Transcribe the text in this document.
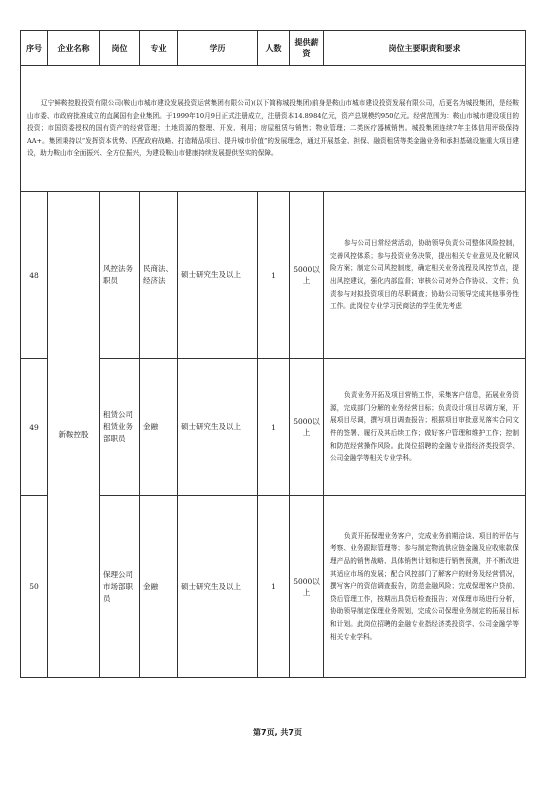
序号	企业名称	岗位	专业	学历	人数	提供薪资	岗位主要职责和要求

辽宁鲜鞍控股投资有限公司(鞍山市城市建设发展投资运营集团有限公司)(以下简称城投集团)前身是鞍山市城市建设投资发展有限公司，后更名为城投集团，是经鞍山市委、市政府批准成立的直属国有企业集团。于1999年10月9日正式注册成立，注册资本14.8984亿元，资产总规模约950亿元。经营范围为：鞍山市城市建设项目的投资；市国资委授权的国有资产的经营管理；土地资源的整理、开发、利用；房屋租赁与销售；物业管理；二类医疗器械销售。城投集团连续7年主体信用评级保持AA+。集团秉持以“发挥资本优势、匹配政府战略、打造精品项目、提升城市价值”的发展理念，通过开展基金、担保、融资租赁等类金融业务和承担基础设施重大项目建设，助力鞍山市全面振兴、全方位振兴，为建设鞍山市健康持续发展提供坚实的保障。							
48	新鞍控股	风控法务职员	民商法、经济法	硕士研究生及以上	1	5000以上	参与公司日常经营活动，协助领导负责公司整体风险控制，完善风控体系；参与投资业务决策，提出相关专业意见及化解风险方案；制定公司风控制度，确定相关业务流程及风控节点，提出风控建议，强化内部监督；审核公司对外合作协议、文件；负责参与对拟投资项目的尽职调查；协助公司领导完成其他事务性工作。此岗位专业学习民商法的学生优先考虑
49		租赁公司租赁业务部职员	金融	硕士研究生及以上	1	5000以上	负责业务开拓及项目营销工作，采集客户信息，拓展业务资源，完成部门分解的业务经营目标；负责设计项目尽调方案，开展项目尽调，撰写项目调查报告；根据项目审批意见落实合同文件的签署、履行及其后续工作；做好客户管理和维护工作；控制和防范经营操作风险。此岗位招聘的金融专业指经济类投资学、公司金融学等相关专业学科。
50		保理公司市场部职员	金融	硕士研究生及以上	1	5000以上	负责开拓保理业务客户，完成业务前期洽谈、项目的评估与考察、业务跟踪管理等；参与制定物流供应链金融及应收账款保理产品的销售战略、具体销售计划和进行销售预测，并不断改进其适应市场的发展；配合风控部门了解客户的财务及经营情况，撰写客户的资信调查报告，防范金融风险；完成保理客户贷前、贷后管理工作，按期出具贷后检查报告；对保理市场进行分析，协助领导制定保理业务规划，完成公司保理业务制定的拓展目标和计划。此岗位招聘的金融专业指经济类投资学、公司金融学等相关专业学科。
第7页, 共7页
